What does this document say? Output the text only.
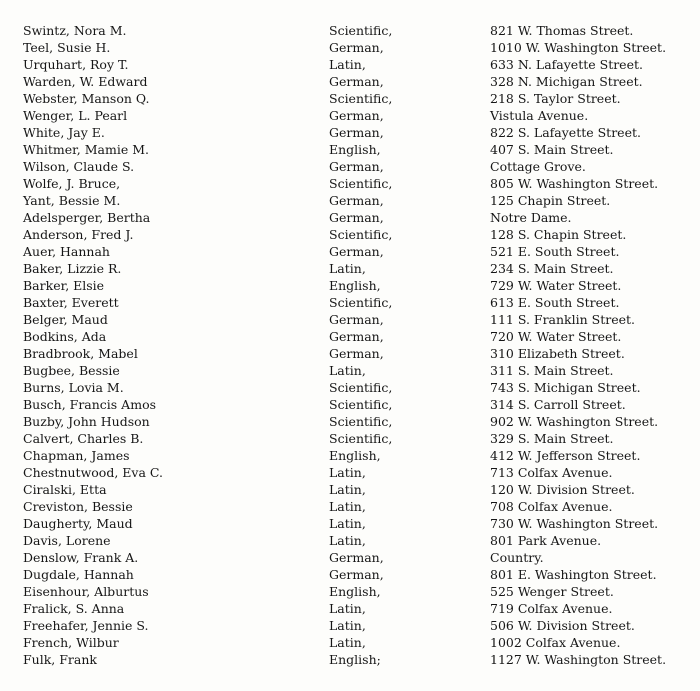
Swintz, Nora M.	Scientific,	821 W. Thomas Street.
Teel, Susie H.	German,	1010 W. Washington Street.
Urquhart, Roy T.	Latin,	633 N. Lafayette Street.
Warden, W. Edward	German,	328 N. Michigan Street.
Webster, Manson Q.	Scientific,	218 S. Taylor Street.
Wenger, L. Pearl	German,	Vistula Avenue.
White, Jay E.	German,	822 S. Lafayette Street.
Whitmer, Mamie M.	English,	407 S. Main Street.
Wilson, Claude S.	German,	Cottage Grove.
Wolfe, J. Bruce,	Scientific,	805 W. Washington Street.
Yant, Bessie M.	German,	125 Chapin Street.
Adelsperger, Bertha	German,	Notre Dame.
Anderson, Fred J.	Scientific,	128 S. Chapin Street.
Auer, Hannah	German,	521 E. South Street.
Baker, Lizzie R.	Latin,	234 S. Main Street.
Barker, Elsie	English,	729 W. Water Street.
Baxter, Everett	Scientific,	613 E. South Street.
Belger, Maud	German,	111 S. Franklin Street.
Bodkins, Ada	German,	720 W. Water Street.
Bradbrook, Mabel	German,	310 Elizabeth Street.
Bugbee, Bessie	Latin,	311 S. Main Street.
Burns, Lovia M.	Scientific,	743 S. Michigan Street.
Busch, Francis Amos	Scientific,	314 S. Carroll Street.
Buzby, John Hudson	Scientific,	902 W. Washington Street.
Calvert, Charles B.	Scientific,	329 S. Main Street.
Chapman, James	English,	412 W. Jefferson Street.
Chestnutwood, Eva C.	Latin,	713 Colfax Avenue.
Ciralski, Etta	Latin,	120 W. Division Street.
Creviston, Bessie	Latin,	708 Colfax Avenue.
Daugherty, Maud	Latin,	730 W. Washington Street.
Davis, Lorene	Latin,	801 Park Avenue.
Denslow, Frank A.	German,	Country.
Dugdale, Hannah	German,	801 E. Washington Street.
Eisenhour, Alburtus	English,	525 Wenger Street.
Fralick, S. Anna	Latin,	719 Colfax Avenue.
Freehafer, Jennie S.	Latin,	506 W. Division Street.
French, Wilbur	Latin,	1002 Colfax Avenue.
Fulk, Frank	English;	1127 W. Washington Street.
